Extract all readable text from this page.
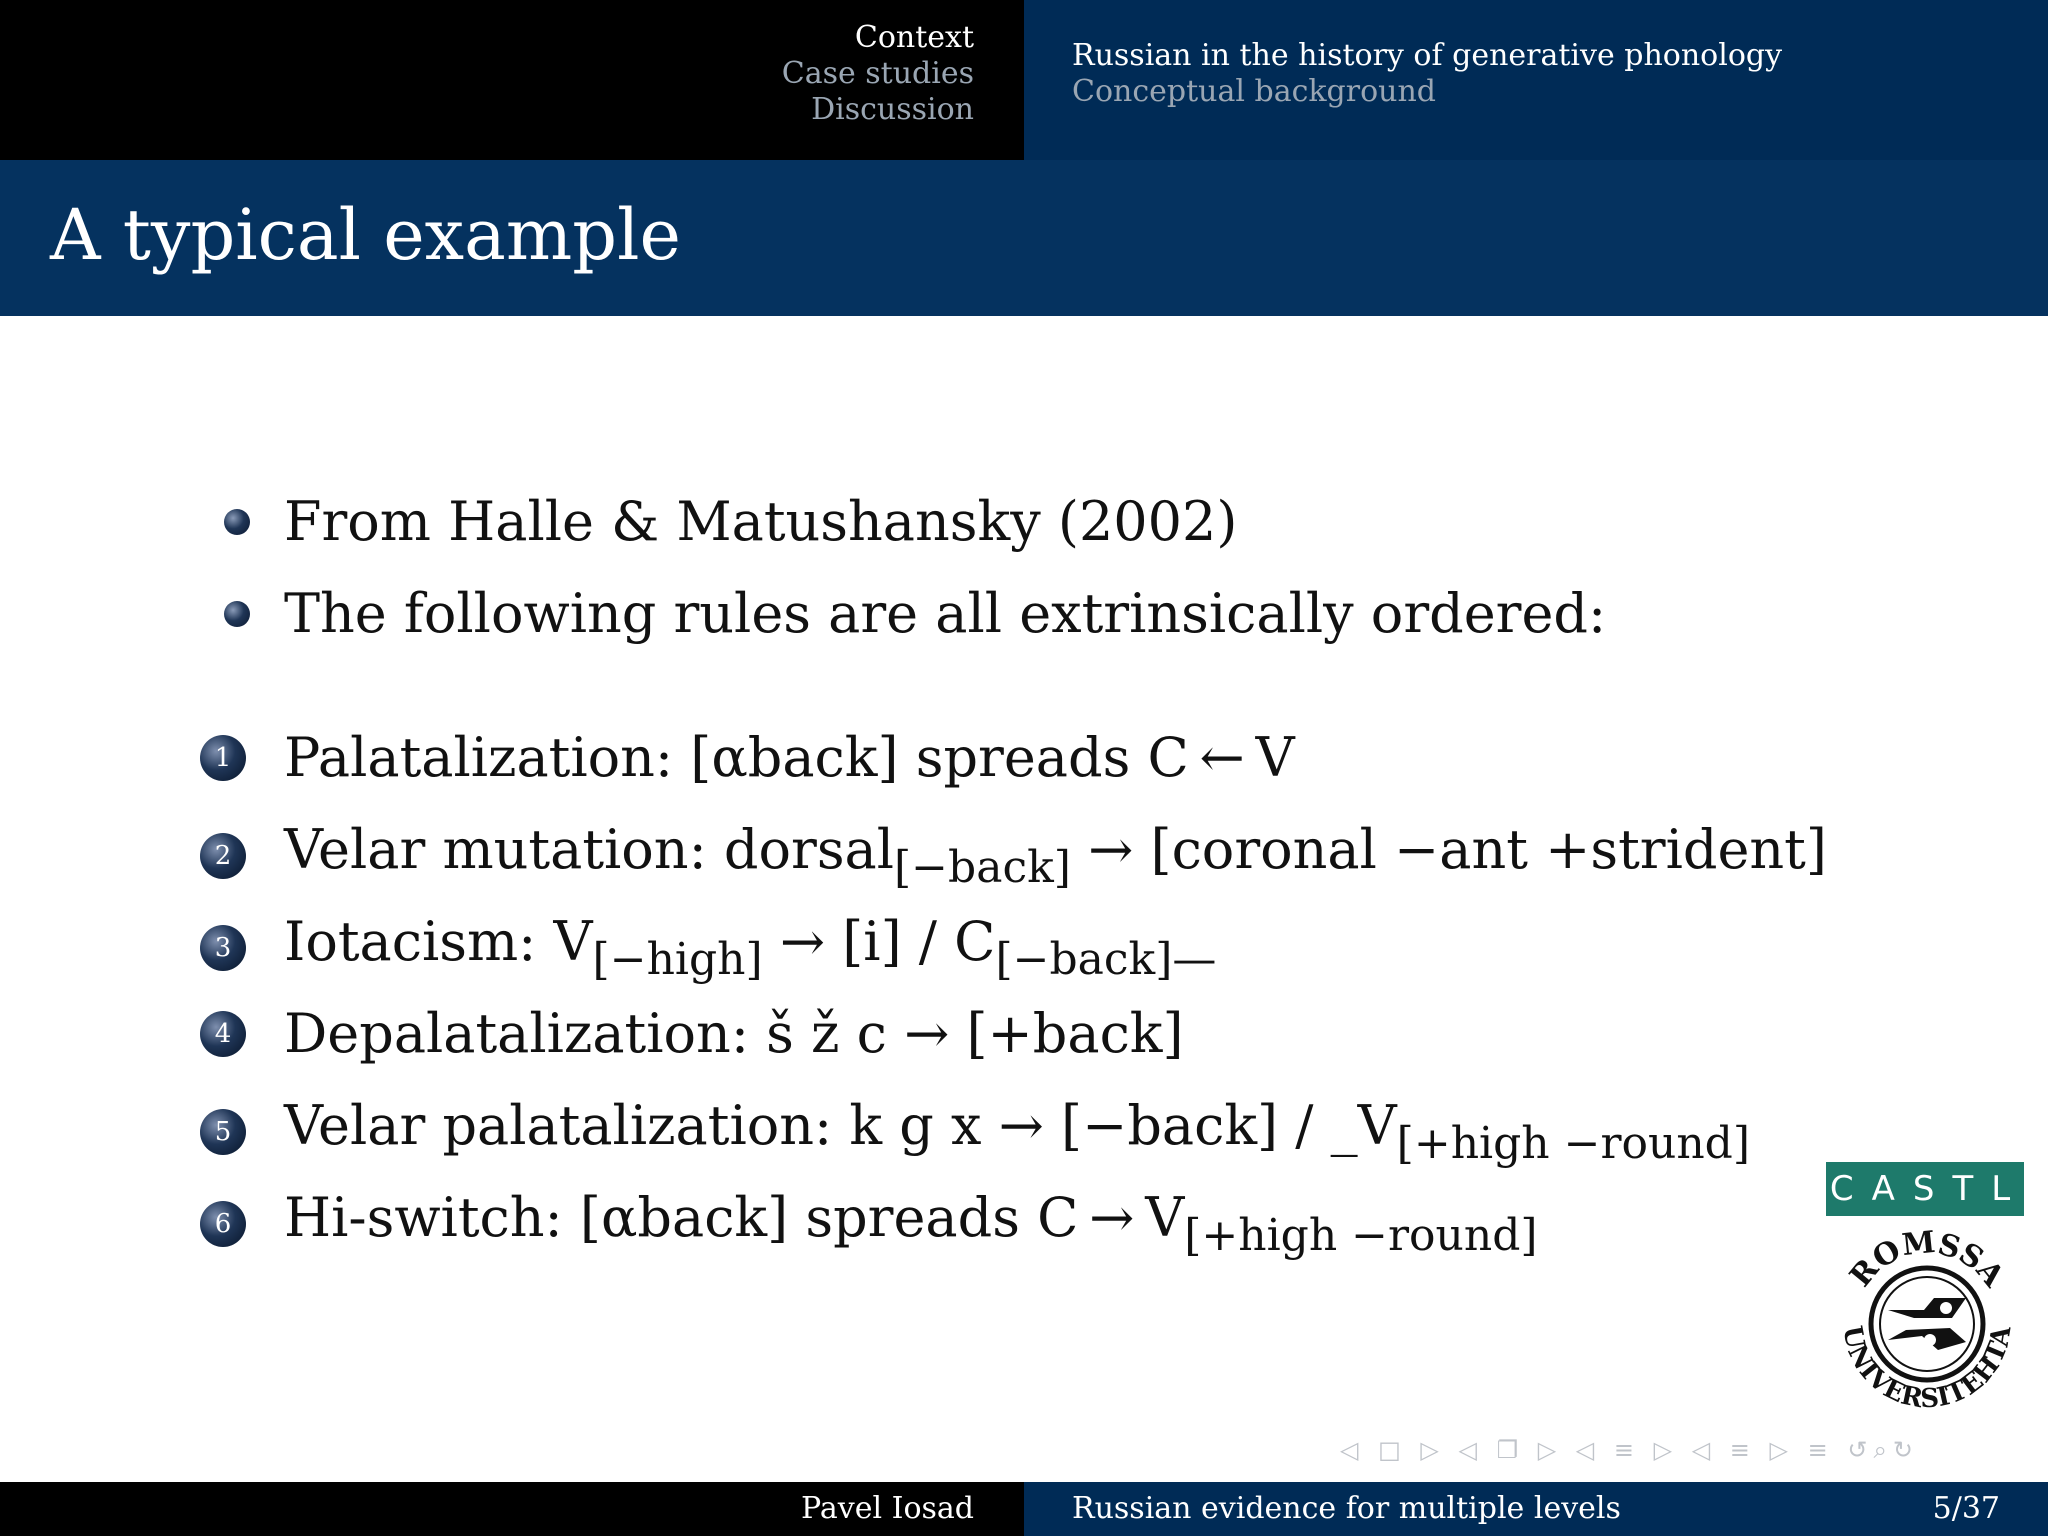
Context
Case studies
Discussion
Russian in the history of generative phonology
Conceptual background
A typical example
From Halle & Matushansky (2002)
The following rules are all extrinsically ordered:
1 Palatalization: [αback] spreads C ← V
2 Velar mutation: dorsal$_{[-back]}$ → [coronal −ant +strident]
3 Iotacism: $V_{[-high]} \to [i] / C_{[-back]—}$
4 Depalatalization: š ž c → [+back]
5 Velar palatalization: k g x → [−back] / $\_V_{[+high -round]}$
6 Hi-switch: [αback] spreads $C \to V_{[+high -round]}$
CASTL
ROMSSA
UNIVERSITEHTA
◁ □ ▷ ◁ ❐ ▷ ◁ ≡ ▷ ◁ ≡ ▷ ≡ ↺⌕↻
Pavel Iosad	Russian evidence for multiple levels	5/37
